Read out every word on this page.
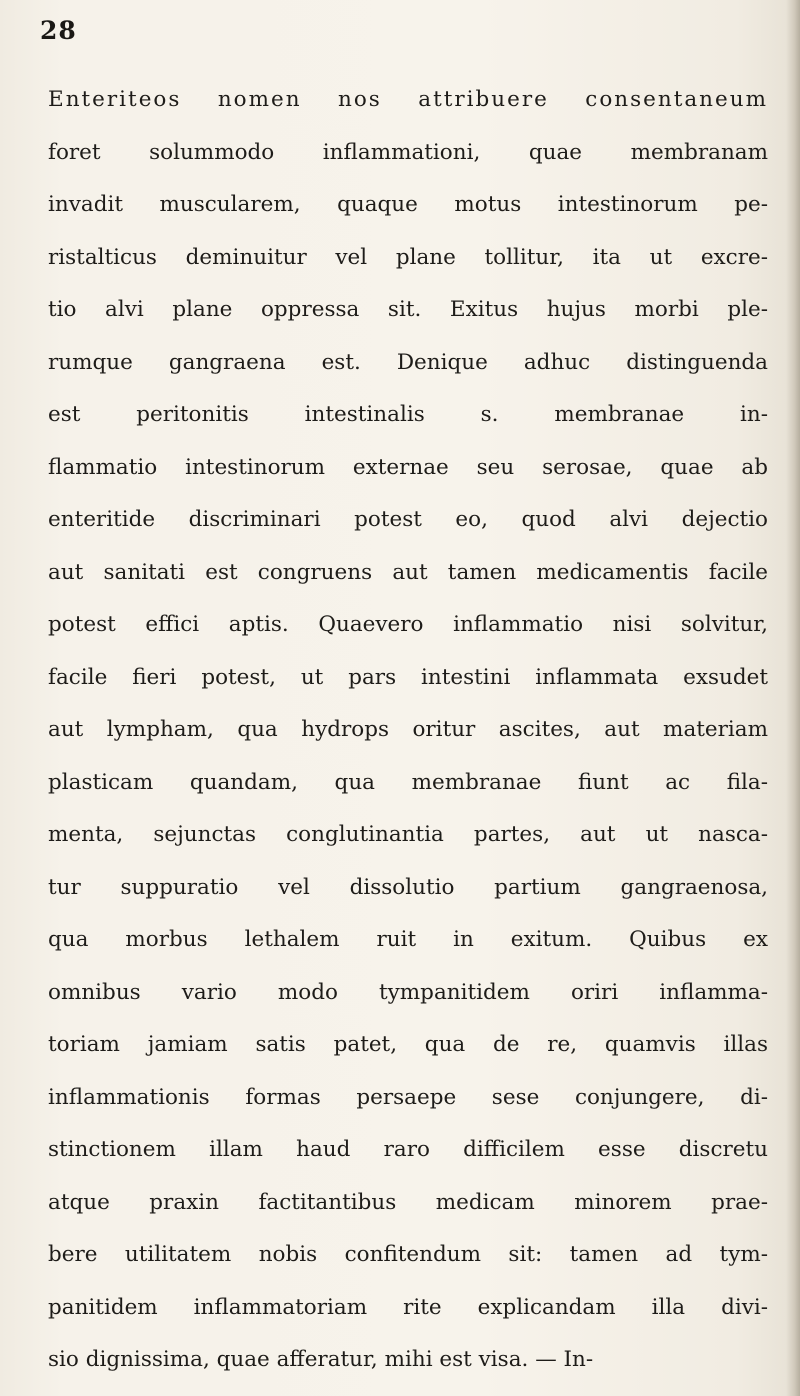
28
Enteriteos nomen nos attribuere consentaneum
foret solummodo inflammationi, quae membranam
invadit muscularem, quaque motus intestinorum pe-
ristalticus deminuitur vel plane tollitur, ita ut excre-
tio alvi plane oppressa sit. Exitus hujus morbi ple-
rumque gangraena est. Denique adhuc distinguenda
est peritonitis intestinalis s. membranae in-
flammatio intestinorum externae seu serosae, quae ab
enteritide discriminari potest eo, quod alvi dejectio
aut sanitati est congruens aut tamen medicamentis facile
potest effici aptis. Quaevero inflammatio nisi solvitur,
facile fieri potest, ut pars intestini inflammata exsudet
aut lympham, qua hydrops oritur ascites, aut materiam
plasticam quandam, qua membranae fiunt ac fila-
menta, sejunctas conglutinantia partes, aut ut nasca-
tur suppuratio vel dissolutio partium gangraenosa,
qua morbus lethalem ruit in exitum. Quibus ex
omnibus vario modo tympanitidem oriri inflamma-
toriam jamiam satis patet, qua de re, quamvis illas
inflammationis formas persaepe sese conjungere, di-
stinctionem illam haud raro difficilem esse discretu
atque praxin factitantibus medicam minorem prae-
bere utilitatem nobis confitendum sit: tamen ad tym-
panitidem inflammatoriam rite explicandam illa divi-
sio dignissima, quae afferatur, mihi est visa. — In-
